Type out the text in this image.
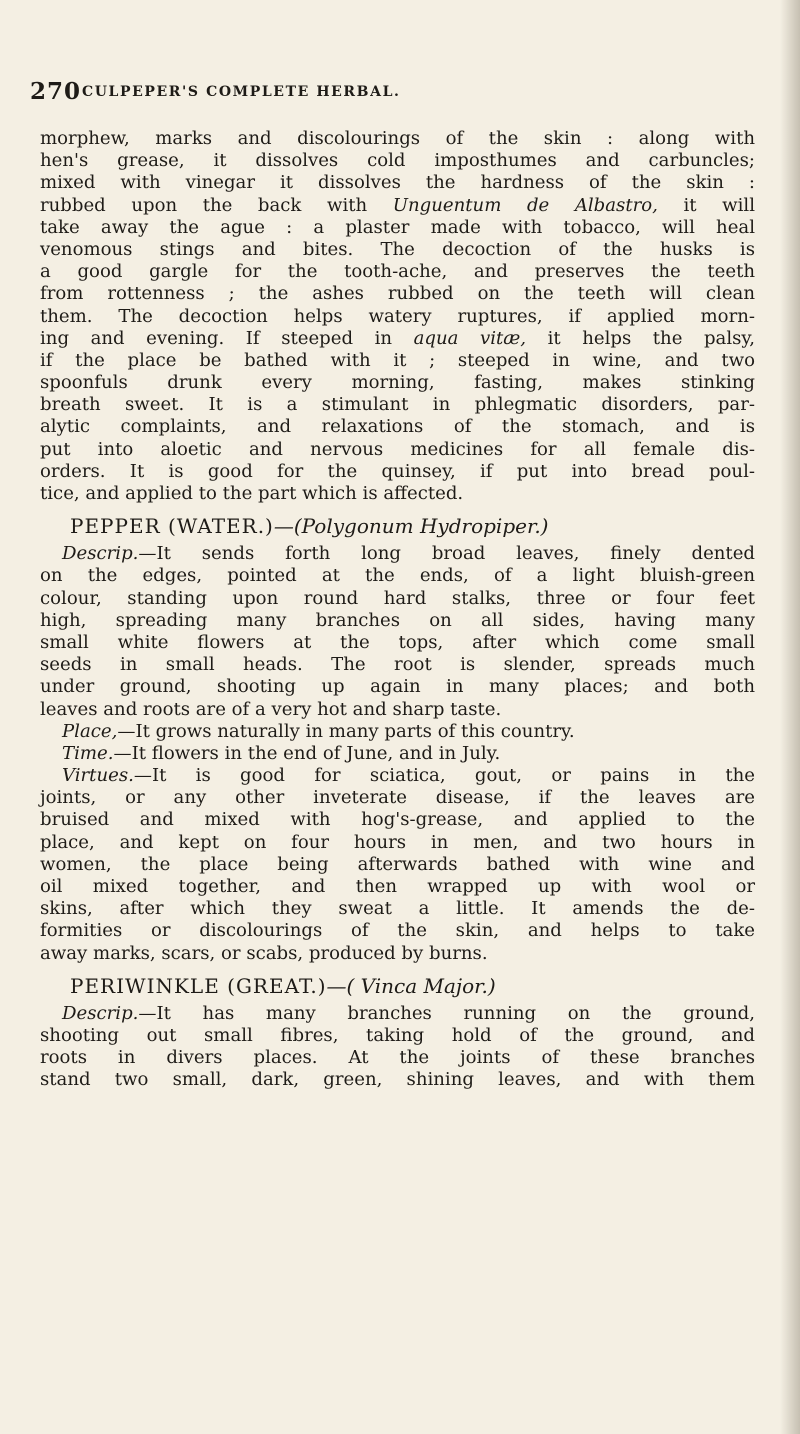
270 CULPEPER'S COMPLETE HERBAL.
morphew, marks and discolourings of the skin : along with
hen's grease, it dissolves cold imposthumes and carbuncles;
mixed with vinegar it dissolves the hardness of the skin :
rubbed upon the back with Unguentum de Albastro, it will
take away the ague : a plaster made with tobacco, will heal
venomous stings and bites. The decoction of the husks is
a good gargle for the tooth-ache, and preserves the teeth
from rottenness ; the ashes rubbed on the teeth will clean
them. The decoction helps watery ruptures, if applied morn-
ing and evening. If steeped in aqua vitæ, it helps the palsy,
if the place be bathed with it ; steeped in wine, and two
spoonfuls drunk every morning, fasting, makes stinking
breath sweet. It is a stimulant in phlegmatic disorders, par-
alytic complaints, and relaxations of the stomach, and is
put into aloetic and nervous medicines for all female dis-
orders. It is good for the quinsey, if put into bread poul-
tice, and applied to the part which is affected.
PEPPER (WATER.)—(Polygonum Hydropiper.)
Descrip.—It sends forth long broad leaves, finely dented
on the edges, pointed at the ends, of a light bluish-green
colour, standing upon round hard stalks, three or four feet
high, spreading many branches on all sides, having many
small white flowers at the tops, after which come small
seeds in small heads. The root is slender, spreads much
under ground, shooting up again in many places; and both
leaves and roots are of a very hot and sharp taste.
Place,—It grows naturally in many parts of this country.
Time.—It flowers in the end of June, and in July.
Virtues.—It is good for sciatica, gout, or pains in the
joints, or any other inveterate disease, if the leaves are
bruised and mixed with hog's-grease, and applied to the
place, and kept on four hours in men, and two hours in
women, the place being afterwards bathed with wine and
oil mixed together, and then wrapped up with wool or
skins, after which they sweat a little. It amends the de-
formities or discolourings of the skin, and helps to take
away marks, scars, or scabs, produced by burns.
PERIWINKLE (GREAT.)—( Vinca Major.)
Descrip.—It has many branches running on the ground,
shooting out small fibres, taking hold of the ground, and
roots in divers places. At the joints of these branches
stand two small, dark, green, shining leaves, and with them
